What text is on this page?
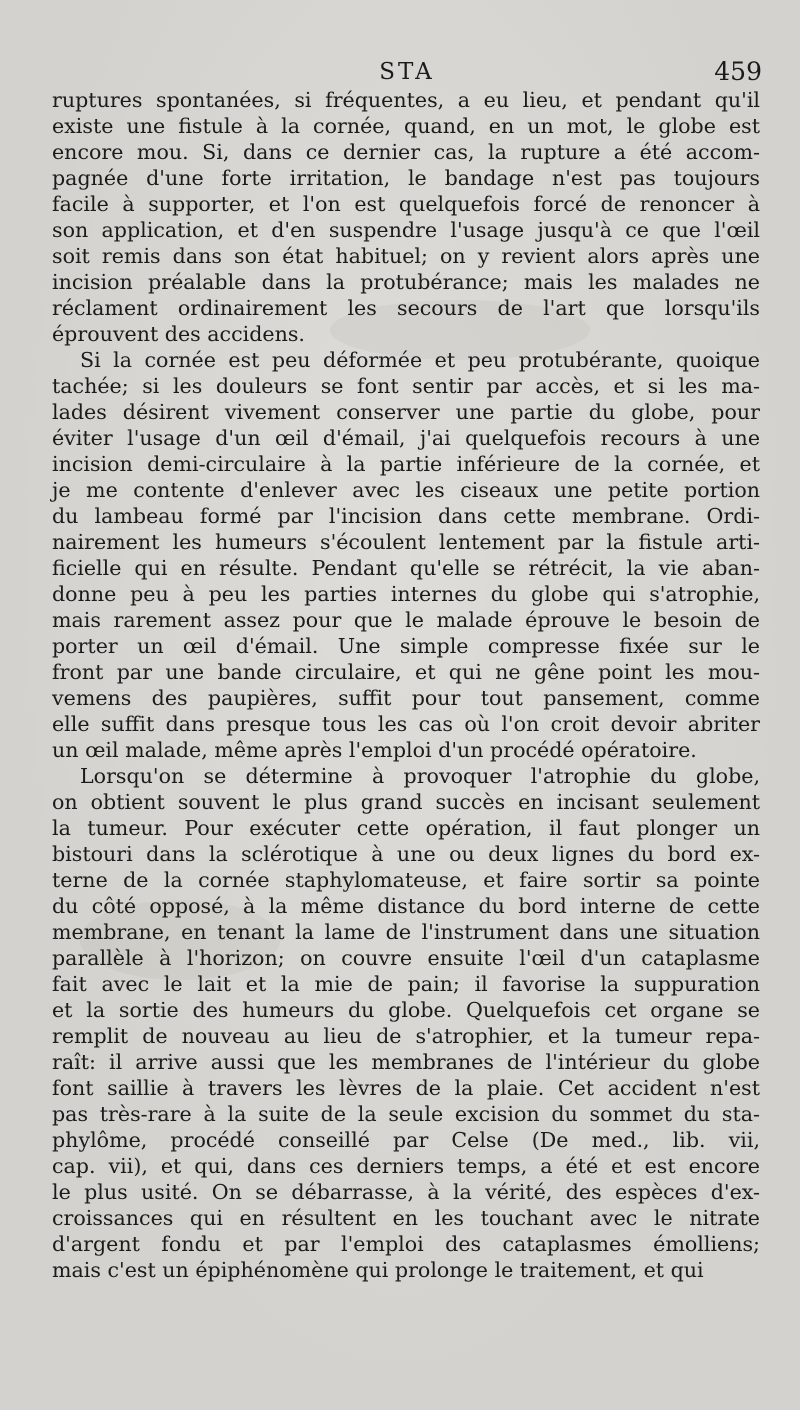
STA	459
ruptures spontanées, si fréquentes, a eu lieu, et pendant qu'il
existe une fistule à la cornée, quand, en un mot, le globe est
encore mou. Si, dans ce dernier cas, la rupture a été accom-
pagnée d'une forte irritation, le bandage n'est pas toujours
facile à supporter, et l'on est quelquefois forcé de renoncer à
son application, et d'en suspendre l'usage jusqu'à ce que l'œil
soit remis dans son état habituel; on y revient alors après une
incision préalable dans la protubérance; mais les malades ne
réclament ordinairement les secours de l'art que lorsqu'ils
éprouvent des accidens.
Si la cornée est peu déformée et peu protubérante, quoique
tachée; si les douleurs se font sentir par accès, et si les ma-
lades désirent vivement conserver une partie du globe, pour
éviter l'usage d'un œil d'émail, j'ai quelquefois recours à une
incision demi-circulaire à la partie inférieure de la cornée, et
je me contente d'enlever avec les ciseaux une petite portion
du lambeau formé par l'incision dans cette membrane. Ordi-
nairement les humeurs s'écoulent lentement par la fistule arti-
ficielle qui en résulte. Pendant qu'elle se rétrécit, la vie aban-
donne peu à peu les parties internes du globe qui s'atrophie,
mais rarement assez pour que le malade éprouve le besoin de
porter un œil d'émail. Une simple compresse fixée sur le
front par une bande circulaire, et qui ne gêne point les mou-
vemens des paupières, suffit pour tout pansement, comme
elle suffit dans presque tous les cas où l'on croit devoir abriter
un œil malade, même après l'emploi d'un procédé opératoire.
Lorsqu'on se détermine à provoquer l'atrophie du globe,
on obtient souvent le plus grand succès en incisant seulement
la tumeur. Pour exécuter cette opération, il faut plonger un
bistouri dans la sclérotique à une ou deux lignes du bord ex-
terne de la cornée staphylomateuse, et faire sortir sa pointe
du côté opposé, à la même distance du bord interne de cette
membrane, en tenant la lame de l'instrument dans une situation
parallèle à l'horizon; on couvre ensuite l'œil d'un cataplasme
fait avec le lait et la mie de pain; il favorise la suppuration
et la sortie des humeurs du globe. Quelquefois cet organe se
remplit de nouveau au lieu de s'atrophier, et la tumeur repa-
raît: il arrive aussi que les membranes de l'intérieur du globe
font saillie à travers les lèvres de la plaie. Cet accident n'est
pas très-rare à la suite de la seule excision du sommet du sta-
phylôme, procédé conseillé par Celse (De med., lib. vii,
cap. vii), et qui, dans ces derniers temps, a été et est encore
le plus usité. On se débarrasse, à la vérité, des espèces d'ex-
croissances qui en résultent en les touchant avec le nitrate
d'argent fondu et par l'emploi des cataplasmes émolliens;
mais c'est un épiphénomène qui prolonge le traitement, et qui
